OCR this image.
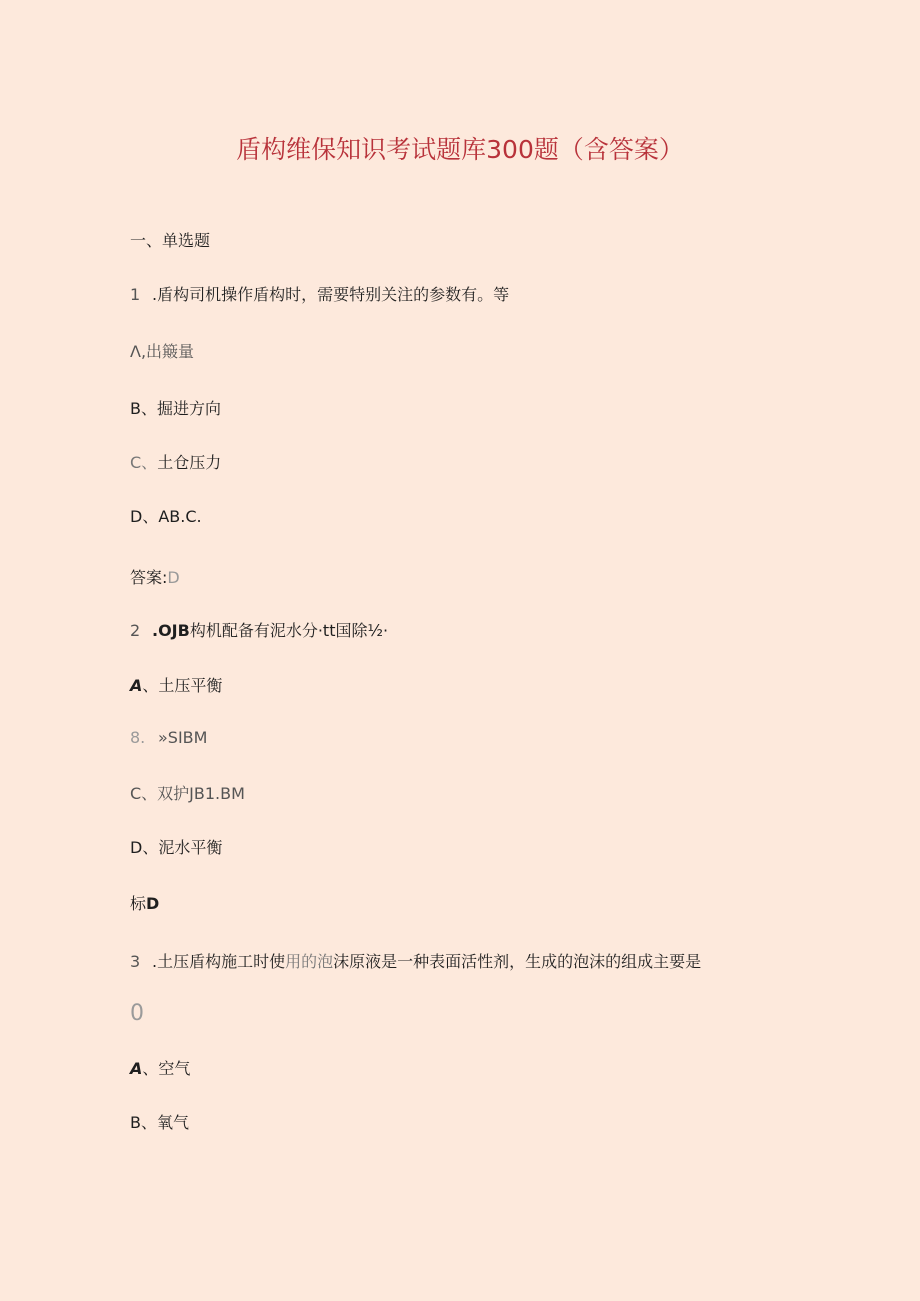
盾构维保知识考试题库300题（含答案）
一、单选题
1 .盾构司机操作盾构时，需要特别关注的参数有。等
Λ,出簸量
B、掘进方向
C、土仓压力
D、AB.C.
答案:D
2 .OJB构机配备有泥水分·tt国除½·
A、土压平衡
8. »SIBM
C、双护JB1.BM
D、泥水平衡
标D
3 .土压盾构施工时使用的泡沫原液是一种表面活性剂，生成的泡沫的组成主要是
0
A、空气
B、氧气
